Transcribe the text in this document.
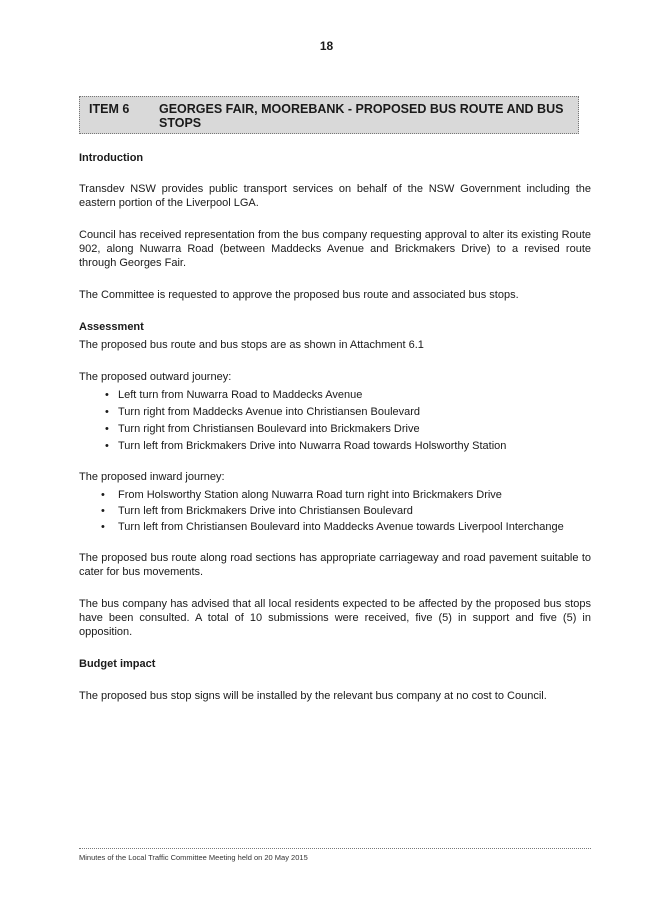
18
ITEM 6 GEORGES FAIR, MOOREBANK - PROPOSED BUS ROUTE AND BUS STOPS
Introduction

Transdev NSW provides public transport services on behalf of the NSW Government including the eastern portion of the Liverpool LGA.

Council has received representation from the bus company requesting approval to alter its existing Route 902, along Nuwarra Road (between Maddecks Avenue and Brickmakers Drive) to a revised route through Georges Fair.

The Committee is requested to approve the proposed bus route and associated bus stops.

Assessment

The proposed bus route and bus stops are as shown in Attachment 6.1

The proposed outward journey:

• Left turn from Nuwarra Road to Maddecks Avenue
• Turn right from Maddecks Avenue into Christiansen Boulevard
• Turn right from Christiansen Boulevard into Brickmakers Drive
• Turn left from Brickmakers Drive into Nuwarra Road towards Holsworthy Station

The proposed inward journey:

• From Holsworthy Station along Nuwarra Road turn right into Brickmakers Drive
• Turn left from Brickmakers Drive into Christiansen Boulevard
• Turn left from Christiansen Boulevard into Maddecks Avenue towards Liverpool Interchange

The proposed bus route along road sections has appropriate carriageway and road pavement suitable to cater for bus movements.

The bus company has advised that all local residents expected to be affected by the proposed bus stops have been consulted. A total of 10 submissions were received, five (5) in support and five (5) in opposition.

Budget impact

The proposed bus stop signs will be installed by the relevant bus company at no cost to Council.

Minutes of the Local Traffic Committee Meeting held on 20 May 2015
